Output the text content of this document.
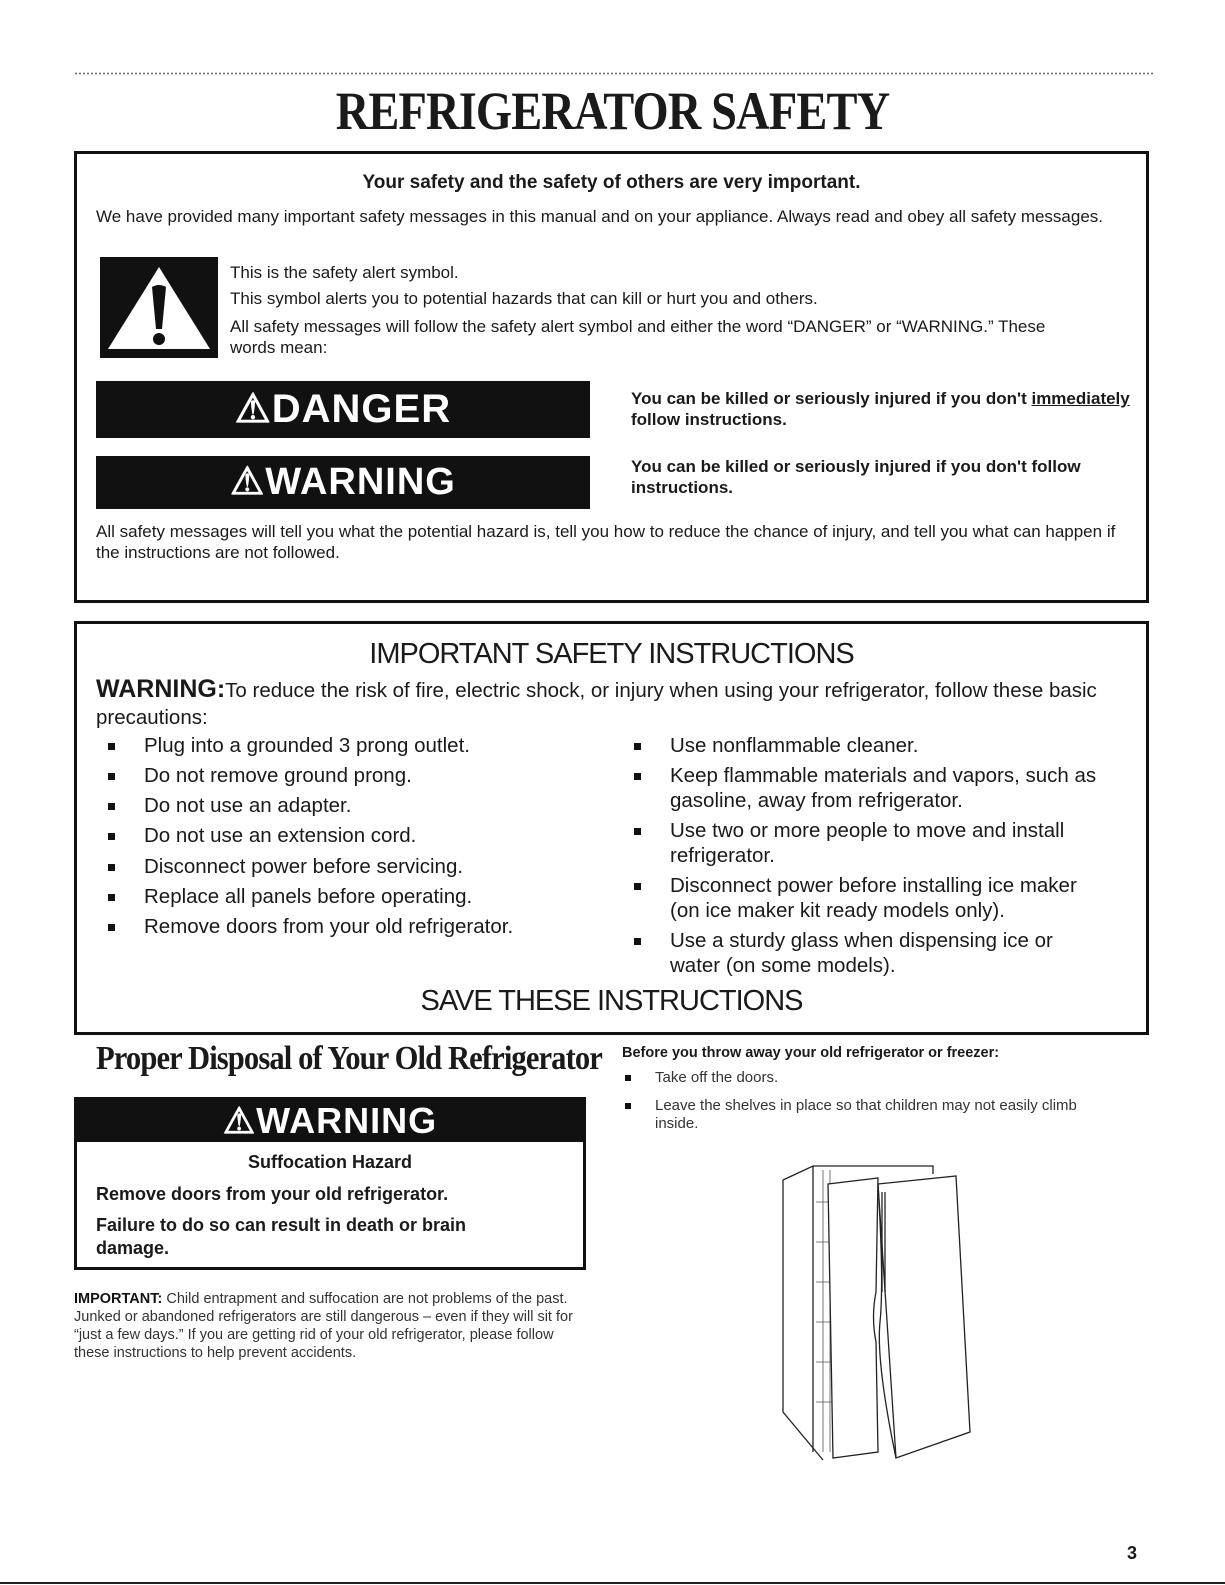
REFRIGERATOR SAFETY
Your safety and the safety of others are very important.
We have provided many important safety messages in this manual and on your appliance. Always read and obey all safety messages.
This is the safety alert symbol.
This symbol alerts you to potential hazards that can kill or hurt you and others.
All safety messages will follow the safety alert symbol and either the word “DANGER” or “WARNING.” These words mean:
⚠DANGER	You can be killed or seriously injured if you don't immediately follow instructions.
⚠WARNING	You can be killed or seriously injured if you don't follow instructions.
All safety messages will tell you what the potential hazard is, tell you how to reduce the chance of injury, and tell you what can happen if the instructions are not followed.
IMPORTANT SAFETY INSTRUCTIONS
WARNING:To reduce the risk of fire, electric shock, or injury when using your refrigerator, follow these basic precautions:
Plug into a grounded 3 prong outlet.
Do not remove ground prong.
Do not use an adapter.
Do not use an extension cord.
Disconnect power before servicing.
Replace all panels before operating.
Remove doors from your old refrigerator.
Use nonflammable cleaner.
Keep flammable materials and vapors, such as gasoline, away from refrigerator.
Use two or more people to move and install refrigerator.
Disconnect power before installing ice maker (on ice maker kit ready models only).
Use a sturdy glass when dispensing ice or water (on some models).
SAVE THESE INSTRUCTIONS
Proper Disposal of Your Old Refrigerator
⚠WARNING
Suffocation Hazard
Remove doors from your old refrigerator.
Failure to do so can result in death or brain damage.
IMPORTANT: Child entrapment and suffocation are not problems of the past. Junked or abandoned refrigerators are still dangerous – even if they will sit for “just a few days.” If you are getting rid of your old refrigerator, please follow these instructions to help prevent accidents.
Before you throw away your old refrigerator or freezer:
Take off the doors.
Leave the shelves in place so that children may not easily climb inside.
3
